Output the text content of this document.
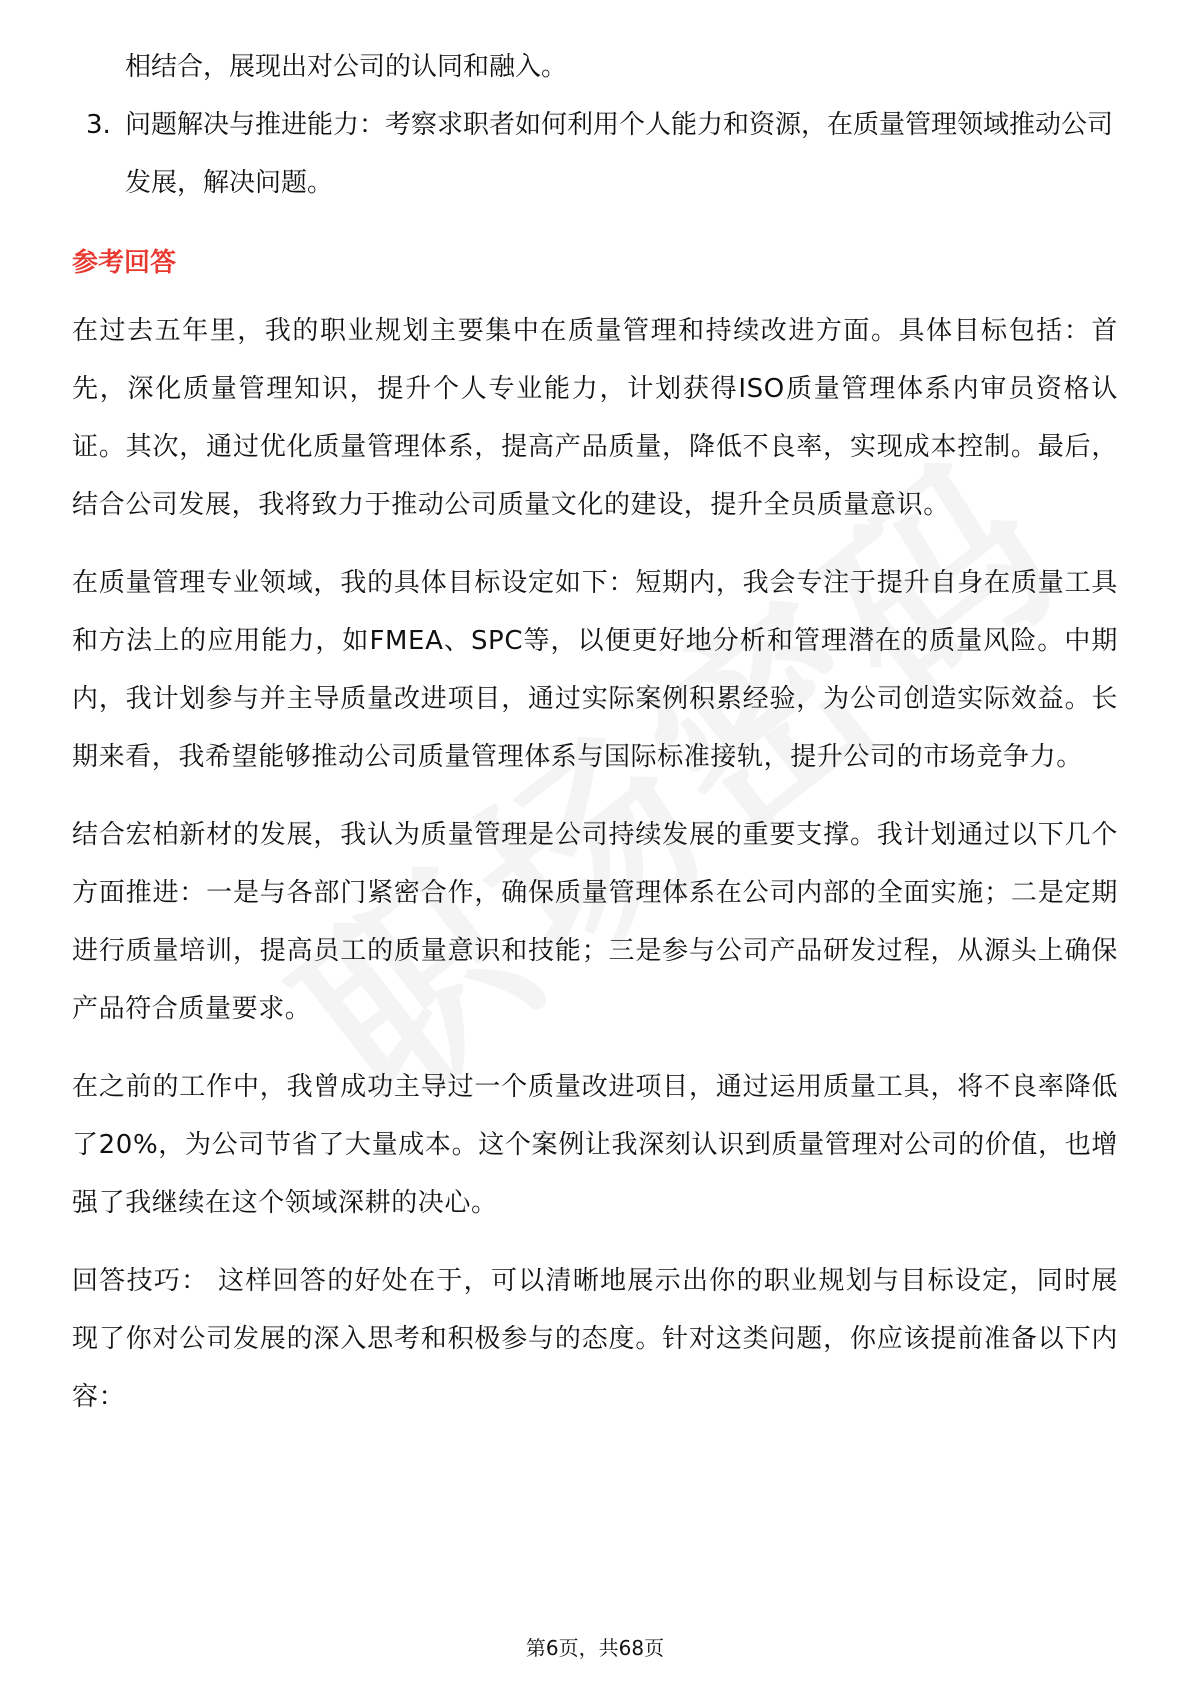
相结合，展现出对公司的认同和融入。
3. 问题解决与推进能力：考察求职者如何利用个人能力和资源，在质量管理领域推动公司发展，解决问题。
参考回答

在过去五年里，我的职业规划主要集中在质量管理和持续改进方面。具体目标包括：首先，深化质量管理知识，提升个人专业能力，计划获得ISO质量管理体系内审员资格认证。其次，通过优化质量管理体系，提高产品质量，降低不良率，实现成本控制。最后，结合公司发展，我将致力于推动公司质量文化的建设，提升全员质量意识。

在质量管理专业领域，我的具体目标设定如下：短期内，我会专注于提升自身在质量工具和方法上的应用能力，如FMEA、SPC等，以便更好地分析和管理潜在的质量风险。中期内，我计划参与并主导质量改进项目，通过实际案例积累经验，为公司创造实际效益。长期来看，我希望能够推动公司质量管理体系与国际标准接轨，提升公司的市场竞争力。

结合宏柏新材的发展，我认为质量管理是公司持续发展的重要支撑。我计划通过以下几个方面推进：一是与各部门紧密合作，确保质量管理体系在公司内部的全面实施；二是定期进行质量培训，提高员工的质量意识和技能；三是参与公司产品研发过程，从源头上确保产品符合质量要求。

在之前的工作中，我曾成功主导过一个质量改进项目，通过运用质量工具，将不良率降低了20%，为公司节省了大量成本。这个案例让我深刻认识到质量管理对公司的价值，也增强了我继续在这个领域深耕的决心。

回答技巧： 这样回答的好处在于，可以清晰地展示出你的职业规划与目标设定，同时展现了你对公司发展的深入思考和积极参与的态度。针对这类问题，你应该提前准备以下内容：

第6页，共68页
